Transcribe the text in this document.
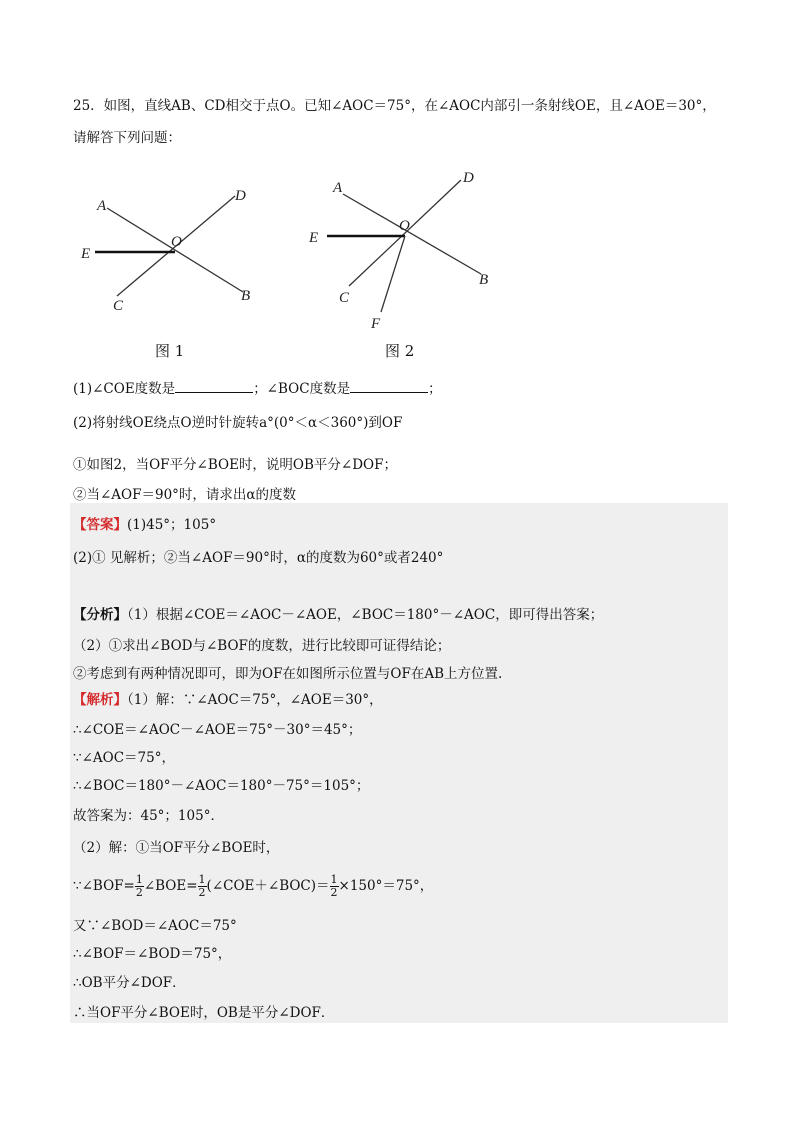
25．如图，直线AB、CD相交于点O。已知∠AOC＝75°，在∠AOC内部引一条射线OE，且∠AOE＝30°，
请解答下列问题：
A
D
O
E
B
C
图 1
A
D
O
E
B
C
F
图 2
(1)∠COE度数是	；∠BOC度数是	；
(2)将射线OE绕点O逆时针旋转a°(0°＜α＜360°)到OF
①如图2，当OF平分∠BOE时，说明OB平分∠DOF；
②当∠AOF＝90°时，请求出α的度数
【答案】(1)45°；105°
(2)① 见解析；②当∠AOF＝90°时，α的度数为60°或者240°
【分析】（1）根据∠COE＝∠AOC－∠AOE，∠BOC＝180°－∠AOC，即可得出答案；
（2）①求出∠BOD与∠BOF的度数，进行比较即可证得结论；
②考虑到有两种情况即可，即为OF在如图所示位置与OF在AB上方位置.
【解析】（1）解：∵∠AOC＝75°，∠AOE＝30°，
∴∠COE＝∠AOC－∠AOE＝75°－30°＝45°；
∵∠AOC＝75°，
∴∠BOC＝180°－∠AOC＝180°－75°＝105°；
故答案为：45°；105°．
（2）解：①当OF平分∠BOE时，
∵∠BOF= $\frac{1}{2}$ ∠BOE= $\frac{1}{2}$ (∠COE＋∠BOC)＝ $\frac{1}{2} \times 150^\circ=75^\circ$，
又∵∠BOD＝∠AOC＝75°
∴∠BOF＝∠BOD＝75°，
∴OB平分∠DOF．
∴当OF平分∠BOE时，OB是平分∠DOF．
